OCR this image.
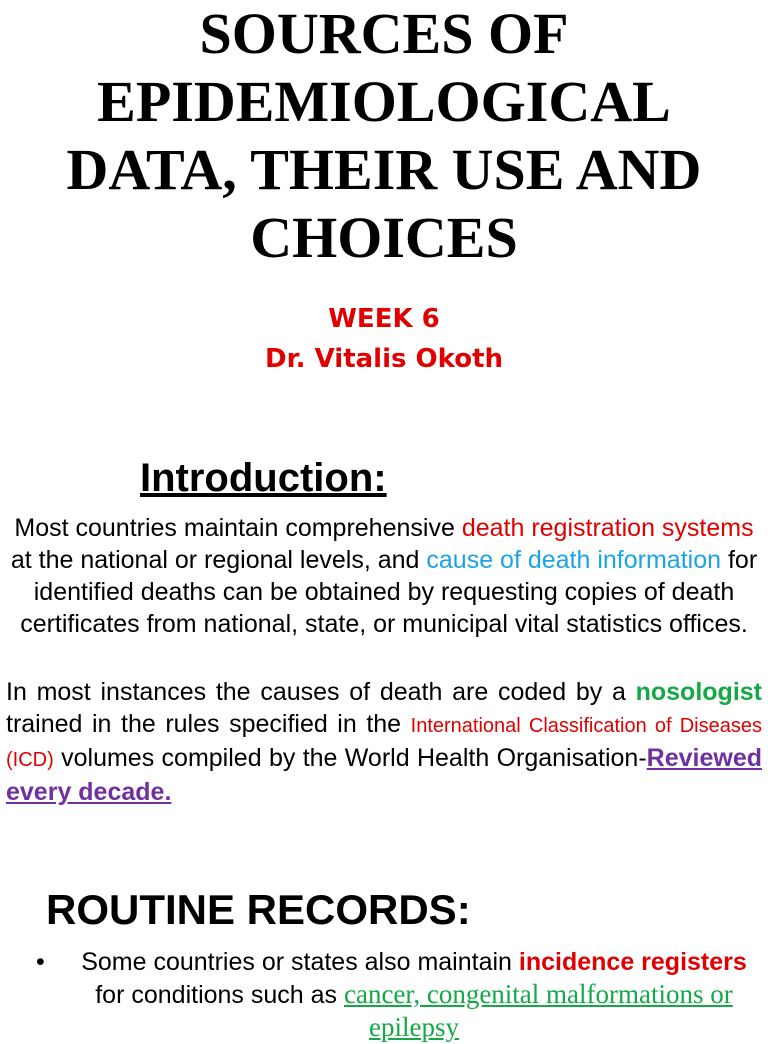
SOURCES OF
EPIDEMIOLOGICAL
DATA, THEIR USE AND
CHOICES
WEEK 6
Dr. Vitalis Okoth
Introduction:

Most countries maintain comprehensive death registration systems at the national or regional levels, and cause of death information for identified deaths can be obtained by requesting copies of death certificates from national, state, or municipal vital statistics offices.

In most instances the causes of death are coded by a nosologist trained in the rules specified in the International Classification of Diseases (ICD) volumes compiled by the World Health Organisation-Reviewed every decade.

ROUTINE RECORDS:
• Some countries or states also maintain incidence registers for conditions such as cancer, congenital malformations or epilepsy
